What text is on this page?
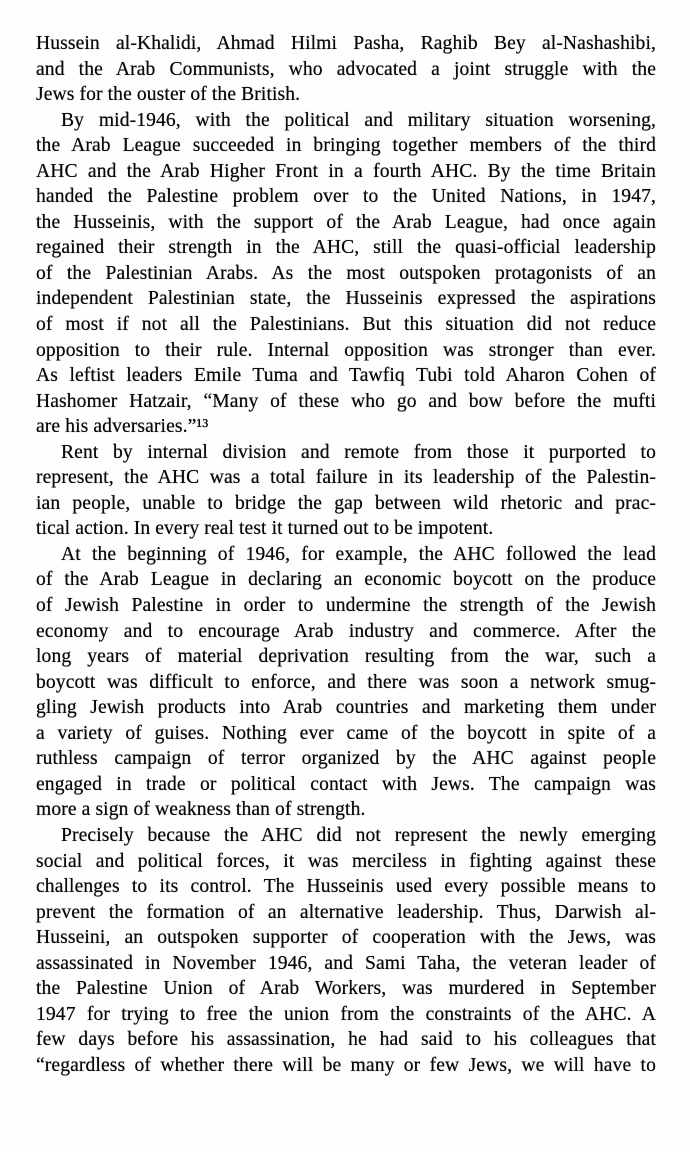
Hussein al-Khalidi, Ahmad Hilmi Pasha, Raghib Bey al-Nashashibi,
and the Arab Communists, who advocated a joint struggle with the
Jews for the ouster of the British.
By mid-1946, with the political and military situation worsening,
the Arab League succeeded in bringing together members of the third
AHC and the Arab Higher Front in a fourth AHC. By the time Britain
handed the Palestine problem over to the United Nations, in 1947,
the Husseinis, with the support of the Arab League, had once again
regained their strength in the AHC, still the quasi-official leadership
of the Palestinian Arabs. As the most outspoken protagonists of an
independent Palestinian state, the Husseinis expressed the aspirations
of most if not all the Palestinians. But this situation did not reduce
opposition to their rule. Internal opposition was stronger than ever.
As leftist leaders Emile Tuma and Tawfiq Tubi told Aharon Cohen of
Hashomer Hatzair, “Many of these who go and bow before the mufti
are his adversaries.”¹³
Rent by internal division and remote from those it purported to
represent, the AHC was a total failure in its leadership of the Palestin-
ian people, unable to bridge the gap between wild rhetoric and prac-
tical action. In every real test it turned out to be impotent.
At the beginning of 1946, for example, the AHC followed the lead
of the Arab League in declaring an economic boycott on the produce
of Jewish Palestine in order to undermine the strength of the Jewish
economy and to encourage Arab industry and commerce. After the
long years of material deprivation resulting from the war, such a
boycott was difficult to enforce, and there was soon a network smug-
gling Jewish products into Arab countries and marketing them under
a variety of guises. Nothing ever came of the boycott in spite of a
ruthless campaign of terror organized by the AHC against people
engaged in trade or political contact with Jews. The campaign was
more a sign of weakness than of strength.
Precisely because the AHC did not represent the newly emerging
social and political forces, it was merciless in fighting against these
challenges to its control. The Husseinis used every possible means to
prevent the formation of an alternative leadership. Thus, Darwish al-
Husseini, an outspoken supporter of cooperation with the Jews, was
assassinated in November 1946, and Sami Taha, the veteran leader of
the Palestine Union of Arab Workers, was murdered in September
1947 for trying to free the union from the constraints of the AHC. A
few days before his assassination, he had said to his colleagues that
“regardless of whether there will be many or few Jews, we will have to
